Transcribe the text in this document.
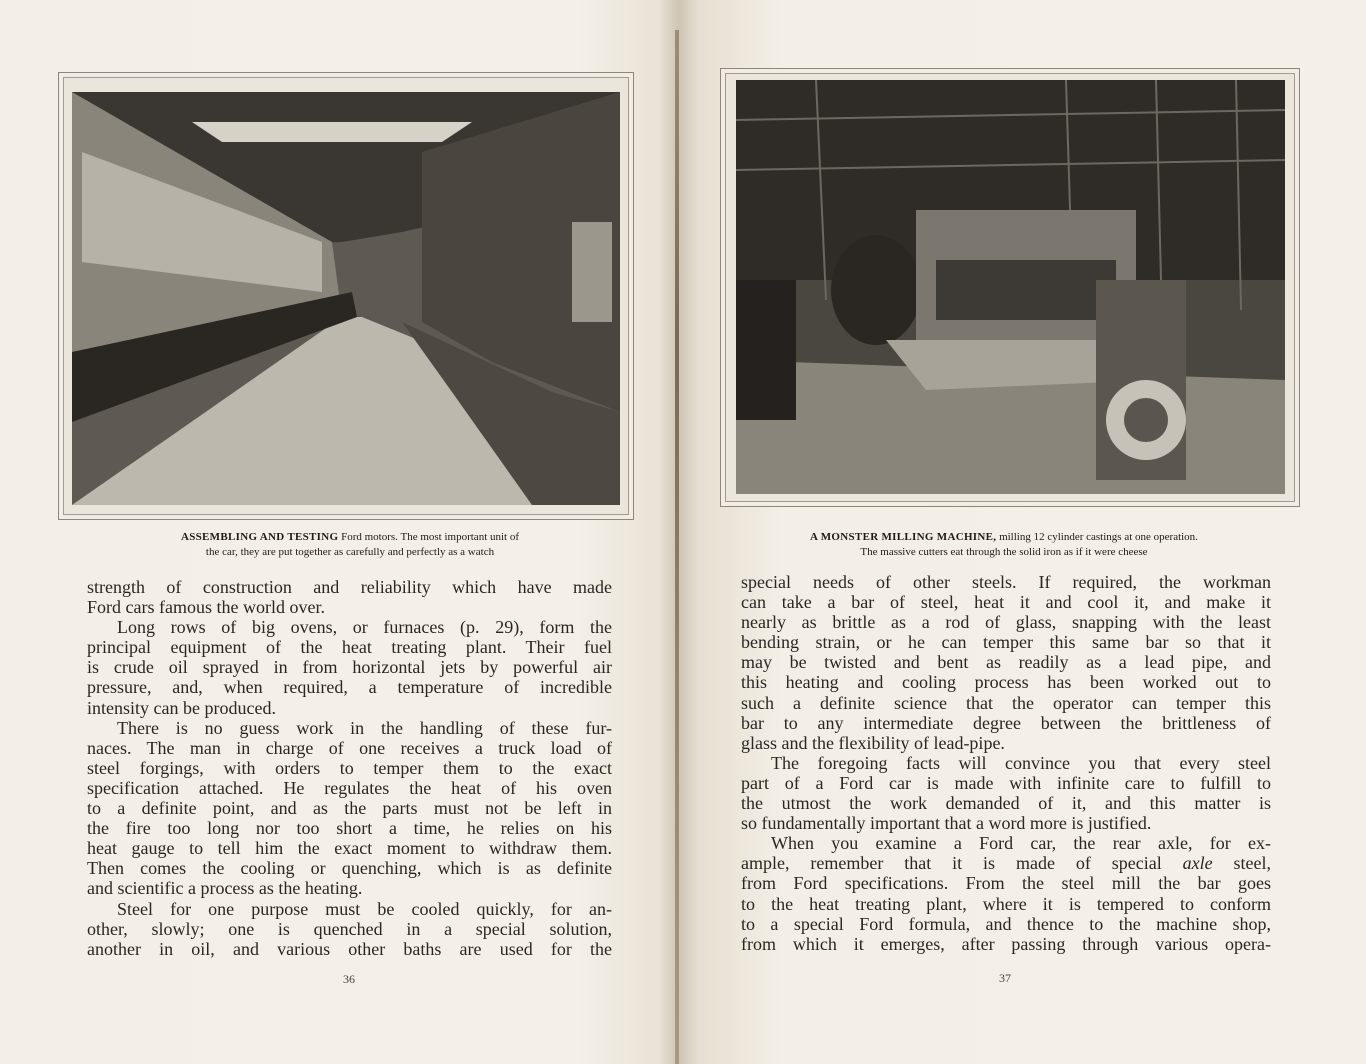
ASSEMBLING AND TESTING Ford motors. The most important unit of
the car, they are put together as carefully and perfectly as a watch
strength of construction and reliability which have made
Ford cars famous the world over.
Long rows of big ovens, or furnaces (p. 29), form the
principal equipment of the heat treating plant. Their fuel
is crude oil sprayed in from horizontal jets by powerful air
pressure, and, when required, a temperature of incredible
intensity can be produced.
There is no guess work in the handling of these fur-
naces. The man in charge of one receives a truck load of
steel forgings, with orders to temper them to the exact
specification attached. He regulates the heat of his oven
to a definite point, and as the parts must not be left in
the fire too long nor too short a time, he relies on his
heat gauge to tell him the exact moment to withdraw them.
Then comes the cooling or quenching, which is as definite
and scientific a process as the heating.
Steel for one purpose must be cooled quickly, for an-
other, slowly; one is quenched in a special solution,
another in oil, and various other baths are used for the
36
A MONSTER MILLING MACHINE, milling 12 cylinder castings at one operation.
The massive cutters eat through the solid iron as if it were cheese
special needs of other steels. If required, the workman
can take a bar of steel, heat it and cool it, and make it
nearly as brittle as a rod of glass, snapping with the least
bending strain, or he can temper this same bar so that it
may be twisted and bent as readily as a lead pipe, and
this heating and cooling process has been worked out to
such a definite science that the operator can temper this
bar to any intermediate degree between the brittleness of
glass and the flexibility of lead-pipe.
The foregoing facts will convince you that every steel
part of a Ford car is made with infinite care to fulfill to
the utmost the work demanded of it, and this matter is
so fundamentally important that a word more is justified.
When you examine a Ford car, the rear axle, for ex-
ample, remember that it is made of special axle steel,
from Ford specifications. From the steel mill the bar goes
to the heat treating plant, where it is tempered to conform
to a special Ford formula, and thence to the machine shop,
from which it emerges, after passing through various opera-
37
